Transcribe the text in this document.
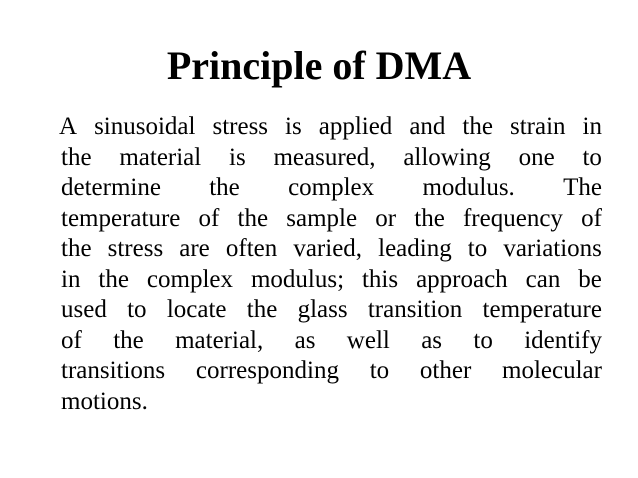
Principle of DMA
A sinusoidal stress is applied and the strain in
the material is measured, allowing one to
determine the complex modulus. The
temperature of the sample or the frequency of
the stress are often varied, leading to variations
in the complex modulus; this approach can be
used to locate the glass transition temperature
of the material, as well as to identify
transitions corresponding to other molecular
motions.
